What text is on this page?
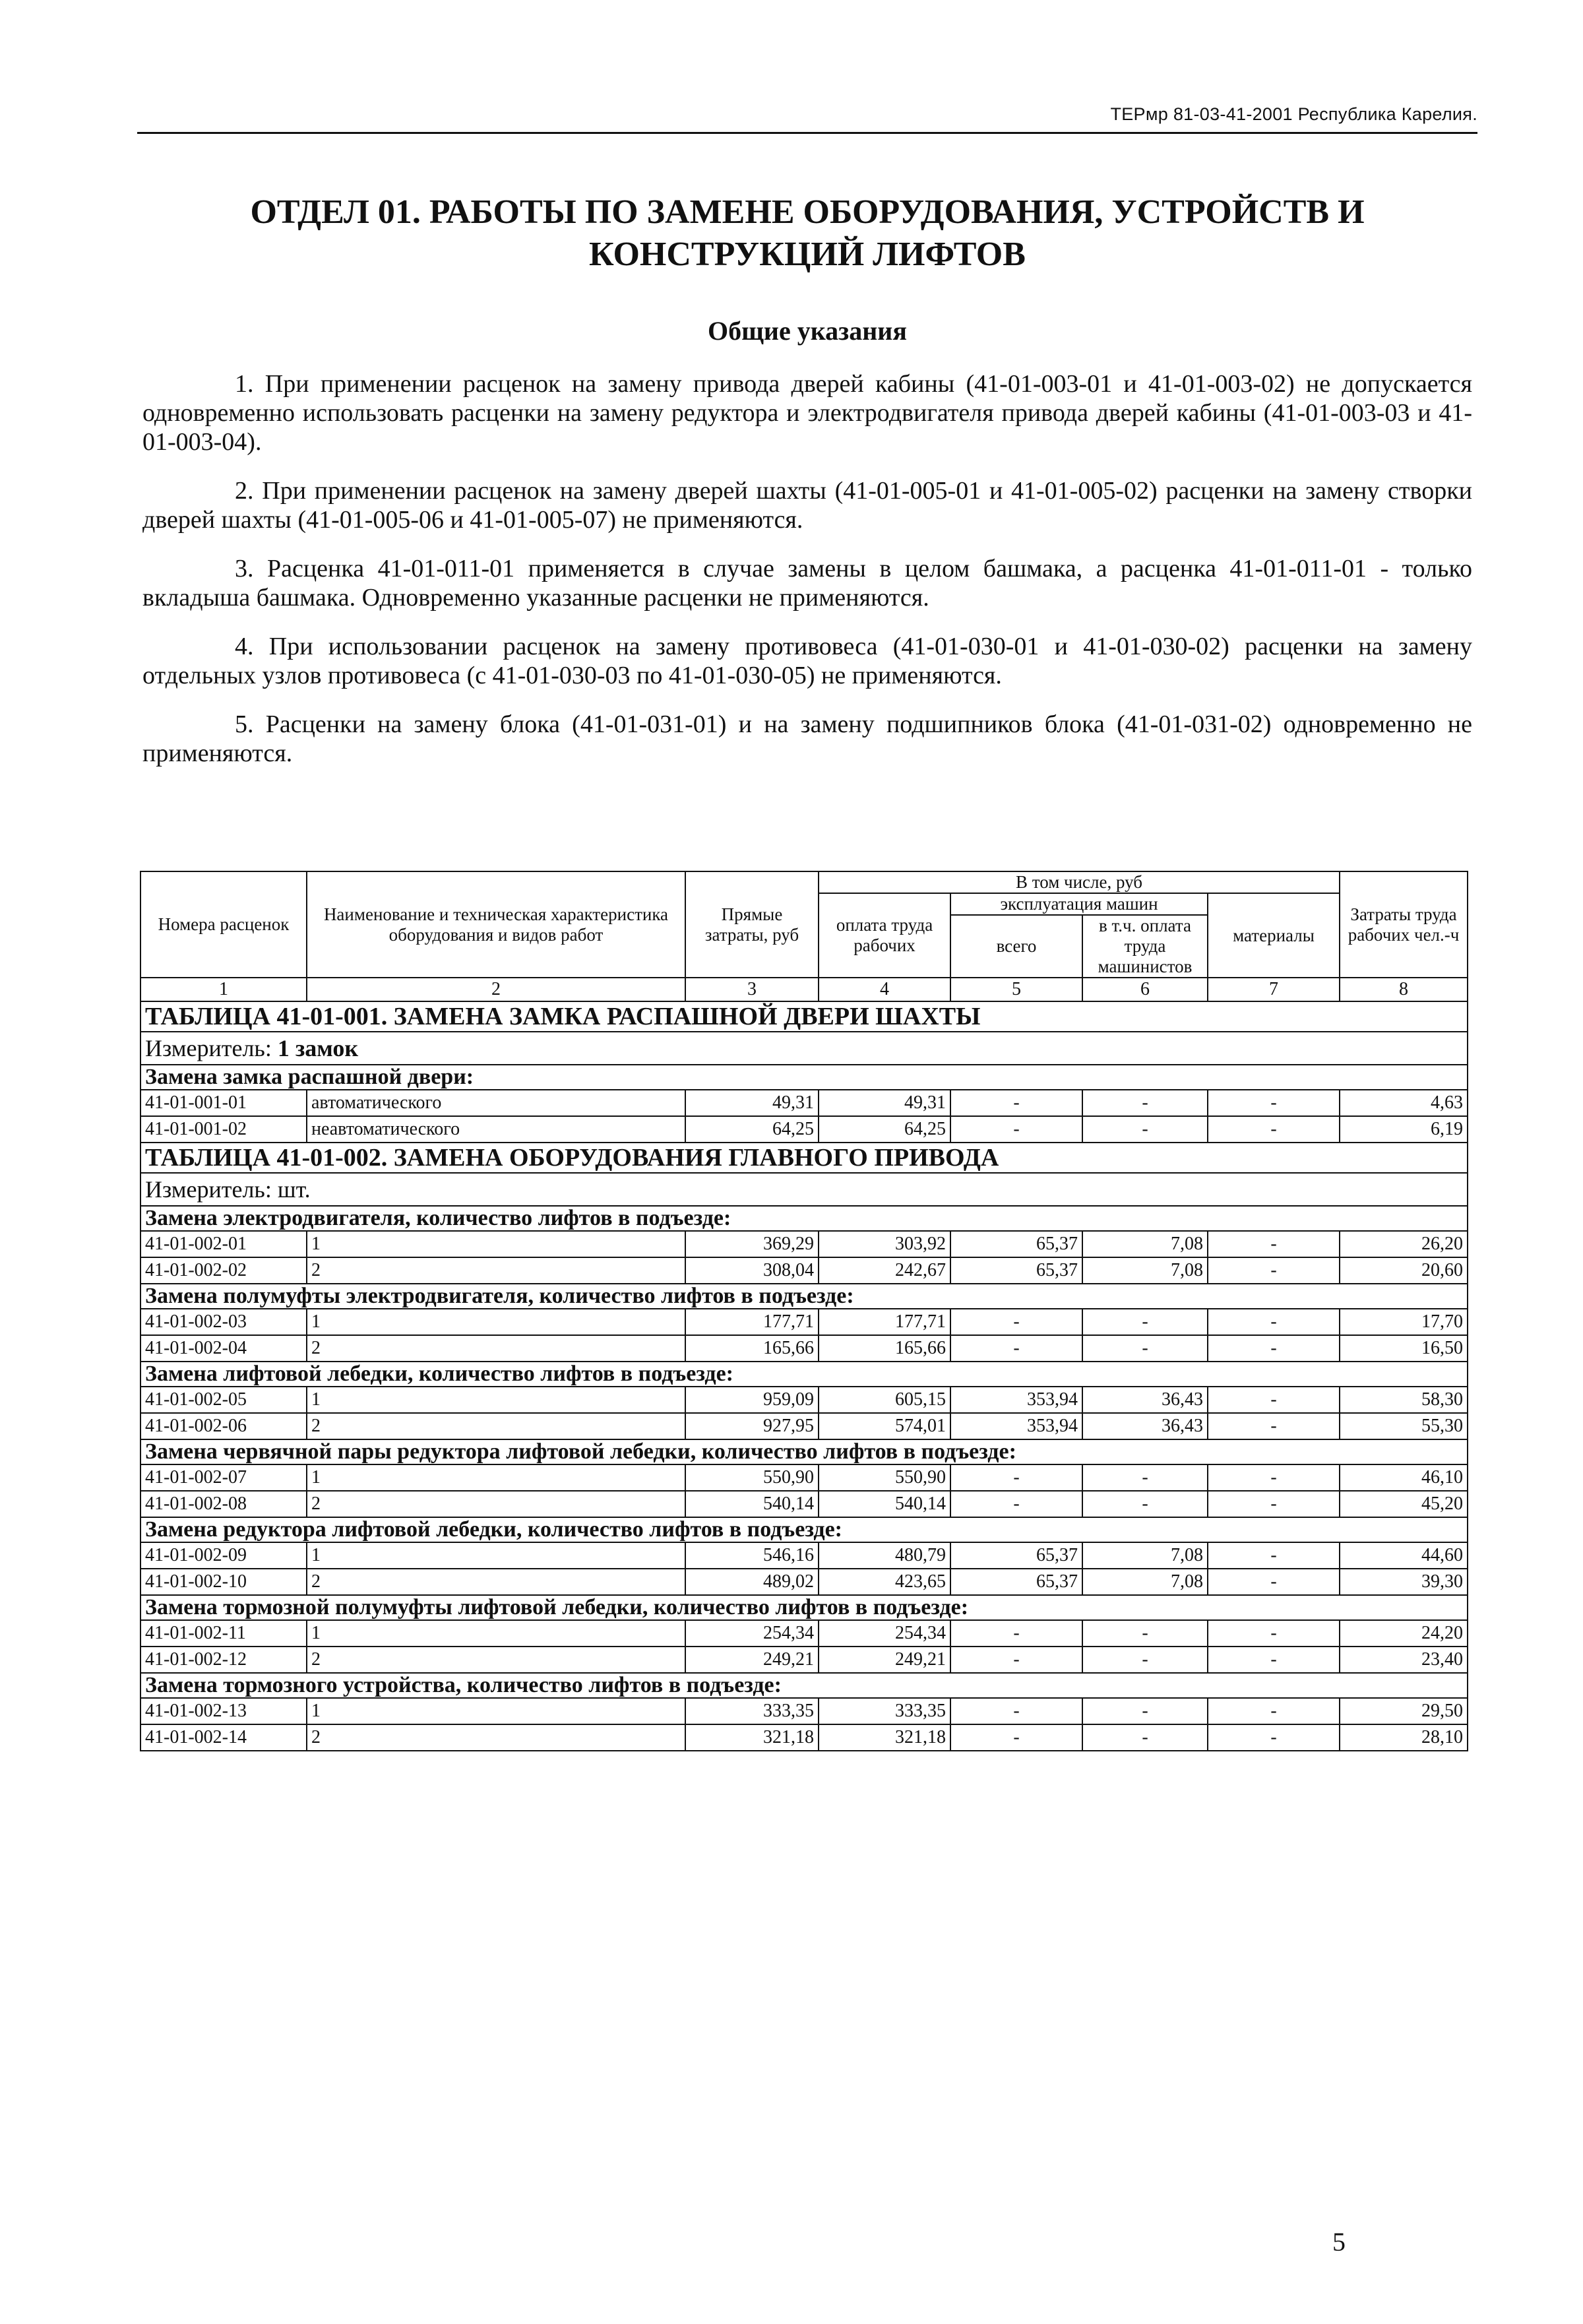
ТЕРмр 81-03-41-2001 Республика Карелия.
ОТДЕЛ 01. РАБОТЫ ПО ЗАМЕНЕ ОБОРУДОВАНИЯ, УСТРОЙСТВ И
КОНСТРУКЦИЙ ЛИФТОВ
Общие указания

1. При применении расценок на замену привода дверей кабины (41-01-003-01 и 41-01-003-02) не допускается одновременно использовать расценки на замену редуктора и электродвигателя привода дверей кабины (41-01-003-03 и 41-01-003-04).

2. При применении расценок на замену дверей шахты (41-01-005-01 и 41-01-005-02) расценки на замену створки дверей шахты (41-01-005-06 и 41-01-005-07) не применяются.

3. Расценка 41-01-011-01 применяется в случае замены в целом башмака, а расценка 41-01-011-01 - только вкладыша башмака. Одновременно указанные расценки не применяются.

4. При использовании расценок на замену противовеса (41-01-030-01 и 41-01-030-02) расценки на замену отдельных узлов противовеса (с 41-01-030-03 по 41-01-030-05) не применяются.

5. Расценки на замену блока (41-01-031-01) и на замену подшипников блока (41-01-031-02) одновременно не применяются.

Номера расценок	Наименование и техническая характеристика оборудования и видов работ	Прямые затраты, руб	В том числе, руб				Затраты труда рабочих чел.-ч
			оплата труда рабочих	эксплуатация машин		материалы	
				всего	в т.ч. оплата труда машинистов		
1	2	3	4	5	6	7	8
ТАБЛИЦА 41-01-001. ЗАМЕНА ЗАМКА РАСПАШНОЙ ДВЕРИ ШАХТЫ							
Измеритель: 1 замок							
Замена замка распашной двери:							
41-01-001-01	автоматического	49,31	49,31	-	-	-	4,63
41-01-001-02	неавтоматического	64,25	64,25	-	-	-	6,19
ТАБЛИЦА 41-01-002. ЗАМЕНА ОБОРУДОВАНИЯ ГЛАВНОГО ПРИВОДА							
Измеритель: шт.							
Замена электродвигателя, количество лифтов в подъезде:							
41-01-002-01	1	369,29	303,92	65,37	7,08	-	26,20
41-01-002-02	2	308,04	242,67	65,37	7,08	-	20,60
Замена полумуфты электродвигателя, количество лифтов в подъезде:							
41-01-002-03	1	177,71	177,71	-	-	-	17,70
41-01-002-04	2	165,66	165,66	-	-	-	16,50
Замена лифтовой лебедки, количество лифтов в подъезде:							
41-01-002-05	1	959,09	605,15	353,94	36,43	-	58,30
41-01-002-06	2	927,95	574,01	353,94	36,43	-	55,30
Замена червячной пары редуктора лифтовой лебедки, количество лифтов в подъезде:							
41-01-002-07	1	550,90	550,90	-	-	-	46,10
41-01-002-08	2	540,14	540,14	-	-	-	45,20
Замена редуктора лифтовой лебедки, количество лифтов в подъезде:							
41-01-002-09	1	546,16	480,79	65,37	7,08	-	44,60
41-01-002-10	2	489,02	423,65	65,37	7,08	-	39,30
Замена тормозной полумуфты лифтовой лебедки, количество лифтов в подъезде:							
41-01-002-11	1	254,34	254,34	-	-	-	24,20
41-01-002-12	2	249,21	249,21	-	-	-	23,40
Замена тормозного устройства, количество лифтов в подъезде:							
41-01-002-13	1	333,35	333,35	-	-	-	29,50
41-01-002-14	2	321,18	321,18	-	-	-	28,10
5
